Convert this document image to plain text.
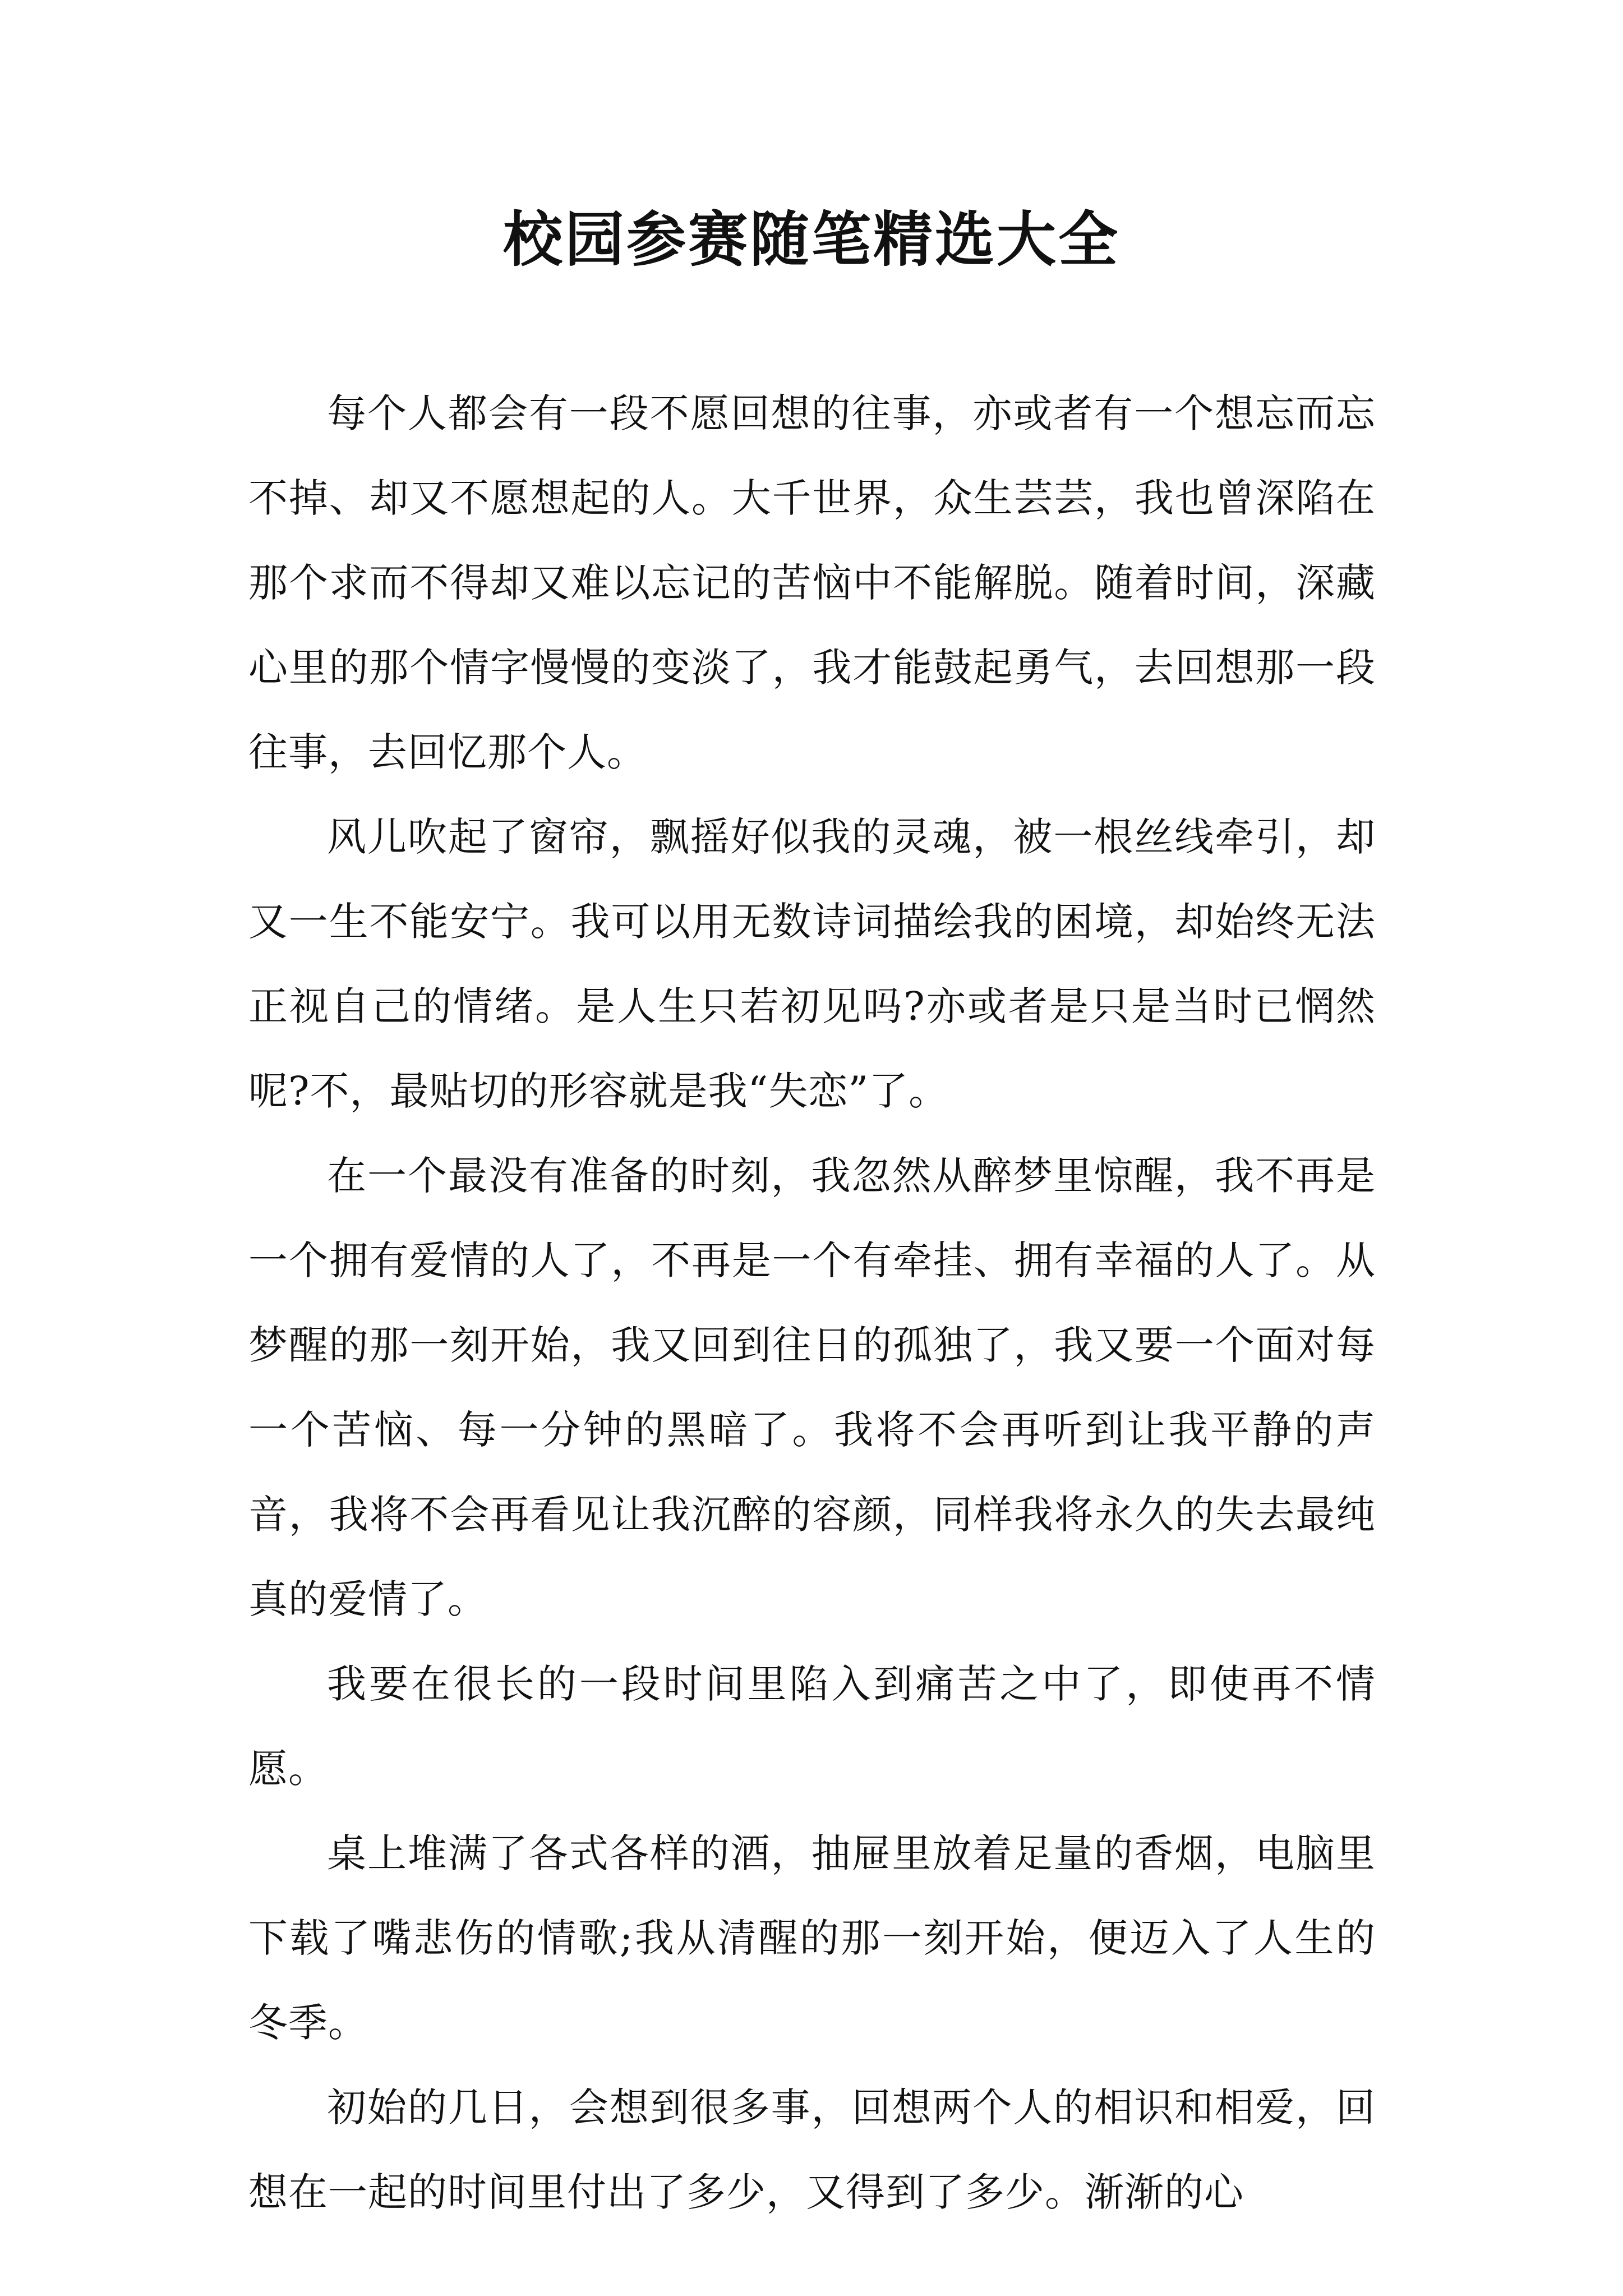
校园参赛随笔精选大全

每个人都会有一段不愿回想的往事，亦或者有一个想忘而忘不掉、却又不愿想起的人。大千世界，众生芸芸，我也曾深陷在那个求而不得却又难以忘记的苦恼中不能解脱。随着时间，深藏心里的那个情字慢慢的变淡了，我才能鼓起勇气，去回想那一段往事，去回忆那个人。

风儿吹起了窗帘，飘摇好似我的灵魂，被一根丝线牵引，却又一生不能安宁。我可以用无数诗词描绘我的困境，却始终无法正视自己的情绪。是人生只若初见吗?亦或者是只是当时已惘然呢?不，最贴切的形容就是我“失恋”了。

在一个最没有准备的时刻，我忽然从醉梦里惊醒，我不再是一个拥有爱情的人了，不再是一个有牵挂、拥有幸福的人了。从梦醒的那一刻开始，我又回到往日的孤独了，我又要一个面对每一个苦恼、每一分钟的黑暗了。我将不会再听到让我平静的声音，我将不会再看见让我沉醉的容颜，同样我将永久的失去最纯真的爱情了。

我要在很长的一段时间里陷入到痛苦之中了，即使再不情愿。

桌上堆满了各式各样的酒，抽屉里放着足量的香烟，电脑里下载了嘴悲伤的情歌;我从清醒的那一刻开始，便迈入了人生的冬季。

初始的几日，会想到很多事，回想两个人的相识和相爱，回想在一起的时间里付出了多少，又得到了多少。渐渐的心
